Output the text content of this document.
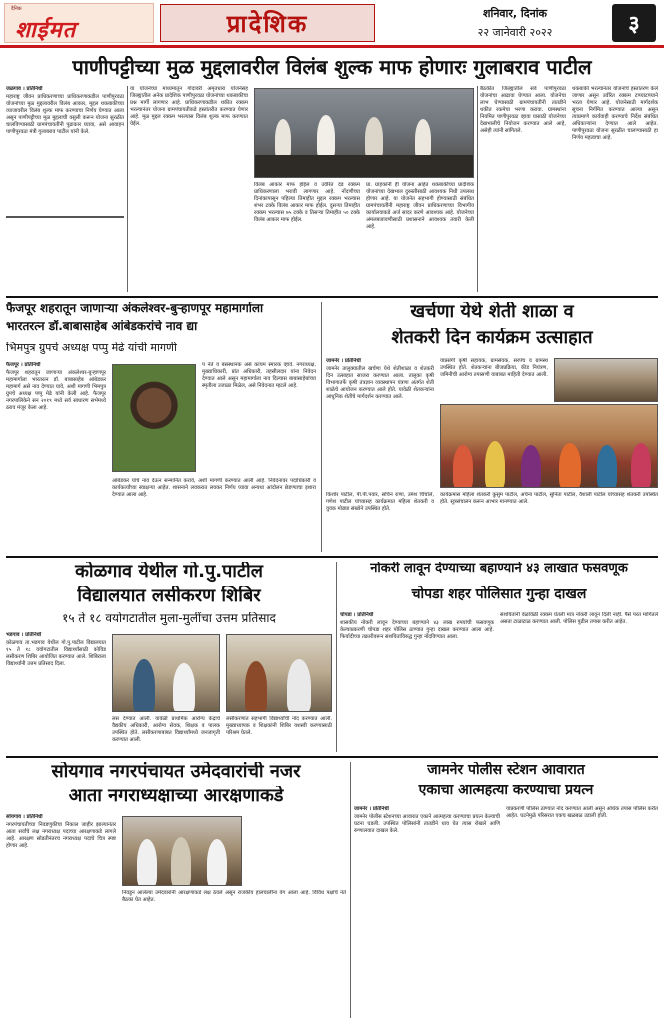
दैनिक
शाईमत	प्रादेशिक	शनिवार, दिनांक
२२ जानेवारी २०२२	३
पाणीपट्टीच्या मुळ मुद्दलावरील विलंब शुल्क माफ होणारः गुलाबराव पाटील
जळगाव । प्रतिनिधी
महाराष्ट्र जीवन प्राधिकरणाच्या प्राधिकरणाकडील पाणीपुरवठा योजनांच्या मुळ मुद्दलावरील विलंब आकार, मुद्दल थकबाकीच्या व्याजावरील विलंब शुल्क माफ करण्याचा निर्णय घेण्यात आला असून पाणीपट्टीच्या मूळ मुद्दलाची वसुली करून योजना सुरळीत चालविण्यासाठी ग्रामपंचायतींनी पुढाकार घ्यावा, असे आवाहन पाणीपुरवठा मंत्री गुलाबराव पाटील यांनी केले.
या योजनेच्या माध्यमातून गोदावरी अमृतधारा योजनेसह जिल्ह्यातील अनेक प्रादेशिक पाणीपुरवठा योजनांच्या थकबाकीचा प्रश्न मार्गी लागणार आहे. प्राधिकरणाकडील थकीत रक्कम भरल्यानंतर योजना ग्रामपंचायतीकडे हस्तांतरीत करण्यात येणार आहे. मूळ मुद्दल रक्कम भरल्यास विलंब शुल्क माफ करण्यात येईल.
विलंब आकार माफ होईल व उर्वरित दंड रक्कम प्राधिकरणाला भरावी लागणार आहे. नोंदणीच्या दिनांकापासून पहिल्या तिमाहीत मुद्दल रक्कम भरल्यास शंभर टक्के विलंब आकार माफ होईल. दुसऱ्या तिमाहीत रक्कम भरल्यास ७५ टक्के व तिसऱ्या तिमाहीत ५० टक्के विलंब आकार माफ होईल.
प्रा. ग्राहकांनी ही योजना आहेत थकबाकीच्या प्रादेशिक योजनांच्या देखभाल दुरुस्तीसाठी आवश्यक निधी उपलब्ध होणार आहे. या योजनेत सहभागी होण्यासाठी संबंधित ग्रामपंचायतींनी महाराष्ट्र जीवन प्राधिकरणाच्या विभागीय कार्यालयाकडे अर्ज सादर करणे आवश्यक आहे. योजनेच्या अंमलबजावणीसाठी प्रशासनाने आवश्यक तयारी केली आहे.
बैठकीत जिल्ह्यातील सर्व पाणीपुरवठा योजनांचा आढावा घेण्यात आला. योजनेचा लाभ घेण्यासाठी ग्रामपंचायतींनी तातडीने थकीत रकमेचा भरणा करावा. ग्रामस्थांना नियमित पाणीपुरवठा व्हावा यासाठी योजनेच्या देखभालीचे नियोजन करण्यात आले आहे, असेही त्यांनी सांगितले.
थकबाकी भरल्यानंतर योजनांचे हस्तांतरण केले जाणार असून उर्वरित रक्कम टप्प्याटप्प्याने भरता येणार आहे. योजनेसाठी मार्गदर्शक सूचना निर्गमित करण्यात आल्या असून त्याप्रमाणे कार्यवाही करण्याचे निर्देश संबंधित अधिकाऱ्यांना देण्यात आले आहेत. पाणीपुरवठा योजना सुरळीत चालण्यासाठी हा निर्णय महत्वाचा आहे.
फैजपूर शहरातून जाणाऱ्या अंकलेश्वर-बुऱ्हाणपूर महामार्गाला
भारतरत्न डॉ.बाबासाहेब आंबेडकरांचे नाव द्या
भिमपुत्र ग्रुपचे अध्यक्ष पप्पु मेढे यांची मागणी
फैजपूर । प्रतिनिधी
फैजपूर शहरातून जाणाऱ्या अंकलेश्वर-बुऱ्हाणपूर महामार्गाला भारतरत्न डॉ. बाबासाहेब आंबेडकर महामार्ग असे नाव देण्यात यावे, अशी मागणी भिमपुत्र ग्रुपचे अध्यक्ष पप्पु मेढे यांनी केली आहे. फैजपूर नगरपालिकेने सन २०१९ मध्ये सर्व साधारण सभेमध्ये ठराव मंजूर केला आहे.
प नेते व बसस्थानक असे कायम स्मारक व्हावे. नगराध्यक्ष, मुख्याधिकारी, प्रांत अधिकारी, तहसीलदार यांना निवेदन देण्यात आले असून महामार्गाला नाव दिल्यास बाबासाहेबांच्या स्मृतीला उजाळा मिळेल, असे निवेदनात म्हटले आहे.
आंबेडकर यांचे नाव देऊन सन्मानित करावे, अशी मागणी करण्यात आली आहे. निवेदनावर पदाधिकारी व कार्यकर्त्यांच्या स्वाक्षऱ्या आहेत. शासनाने लवकरात लवकर निर्णय घ्यावा अन्यथा आंदोलन छेडण्याचा इशारा देण्यात आला आहे.
खर्चणा येथे शेती शाळा व
शेतकरी दिन कार्यक्रम उत्साहात
जामनेर । प्रतिनिधी
जामनेर तालुक्यातील खर्चणा येथे शेतीशाळा व शेतकरी दिन उत्साहात साजरा करण्यात आला. तालुका कृषी विभागातर्फे कृषी तंत्रज्ञान व्यवस्थापन यंत्रणा अंतर्गत शेती शाळेचे आयोजन करण्यात आले होते. यावेळी शेतकऱ्यांना आधुनिक शेतीचे मार्गदर्शन करण्यात आले.
याप्रसंगी कृषी सहायक, ग्रामसेवक, सरपंच व ग्रामस्थ उपस्थित होते. शेतकऱ्यांना बीजप्रक्रिया, कीड नियंत्रण, जमिनीची आरोग्य तपासणी याबाबत माहिती देण्यात आली.
किशोर पाटील, पी.पी.पवार, सचिन राणा, उमेश चिंचोले, गणेश पाटील यांच्यासह कार्यक्रमात महिला शेतकरी व युवक मोठ्या संख्येने उपस्थित होते.
कार्यक्रमास महिला शेतकरी कुसुम पाटील, अर्चना पाटील, सुनिता पाटील, वैशाली पाटील यांच्यासह शेतकरी उपस्थित होते. सूत्रसंचालन करून आभार मानण्यात आले.
कोळगाव येथील गो.पु.पाटील
विद्यालयात लसीकरण शिबिर
१५ ते १८ वयोगटातील मुला-मुलींचा उत्तम प्रतिसाद
भडगाव । प्रतिनिधी
कोळगाव ता.भडगाव येथील गो.पु.पाटील विद्यालयात १५ ते १८ वयोगटातील विद्यार्थ्यांसाठी कोविड लसीकरण शिबिर आयोजित करण्यात आले. शिबिराला विद्यार्थ्यांनी उत्तम प्रतिसाद दिला.
लस देण्यात आली. यावेळी प्राथमिक आरोग्य केंद्राचे वैद्यकीय अधिकारी, आरोग्य सेवक, शिक्षक व पालक उपस्थित होते. लसीकरणाबाबत विद्यार्थ्यांमध्ये जनजागृती करण्यात आली.
लसीकरणात सहभागी विद्यार्थ्यांची नोंद करण्यात आली. मुख्याध्यापक व शिक्षकांनी शिबिर यशस्वी करण्यासाठी परिश्रम घेतले.
नोकरी लावून देण्याच्या बहाण्याने ४३ लाखात फसवणूक
चोपडा शहर पोलिसात गुन्हा दाखल
चोपडा । प्रतिनिधी
शासकीय नोकरी लावून देण्याच्या बहाण्याने ४३ लाख रुपयांची फसवणूक केल्याप्रकरणी चोपडा शहर पोलिस ठाण्यात गुन्हा दाखल करण्यात आला आहे. फिर्यादीच्या तक्रारीवरून संशयितांविरुद्ध गुन्हा नोंदविण्यात आला.
संशयितांनी वेळोवेळी रक्कम घेतली मात्र नोकरी लावून दिली नाही. पैसे परत मागितले असता टाळाटाळ करण्यात आली. पोलिस पुढील तपास करीत आहेत.
सोयगाव नगरपंचायत उमेदवारांची नजर
आता नगराध्यक्षाच्या आरक्षणाकडे
सोयगाव । प्रतिनिधी
नगरपंचायतीच्या निवडणुकीचा निकाल जाहीर झाल्यानंतर आता सर्वांचे लक्ष नगराध्यक्ष पदाच्या आरक्षणाकडे लागले आहे. आरक्षण सोडतीनंतरच नगराध्यक्ष पदाचे चित्र स्पष्ट होणार आहे.
निवडून आलेल्या उमेदवारांनी आरक्षणाकडे लक्ष ठेवले असून राजकीय हालचालींना वेग आला आहे. विविध पक्षांचे नेते बैठका घेत आहेत.
जामनेर पोलीस स्टेशन आवारात
एकाचा आत्महत्या करण्याचा प्रयत्न
जामनेर । प्रतिनिधी
जामनेर पोलीस स्टेशनच्या आवारात एकाने आत्महत्या करण्याचा प्रयत्न केल्याची घटना घडली. उपस्थित पोलिसांनी तातडीने धाव घेत त्यास रोखले आणि रुग्णालयात दाखल केले.
याप्रकरणी पोलिस ठाण्यात नोंद करण्यात आली असून अधिक तपास पोलिस करीत आहेत. घटनेमुळे परिसरात एकच खळबळ उडाली होती.
